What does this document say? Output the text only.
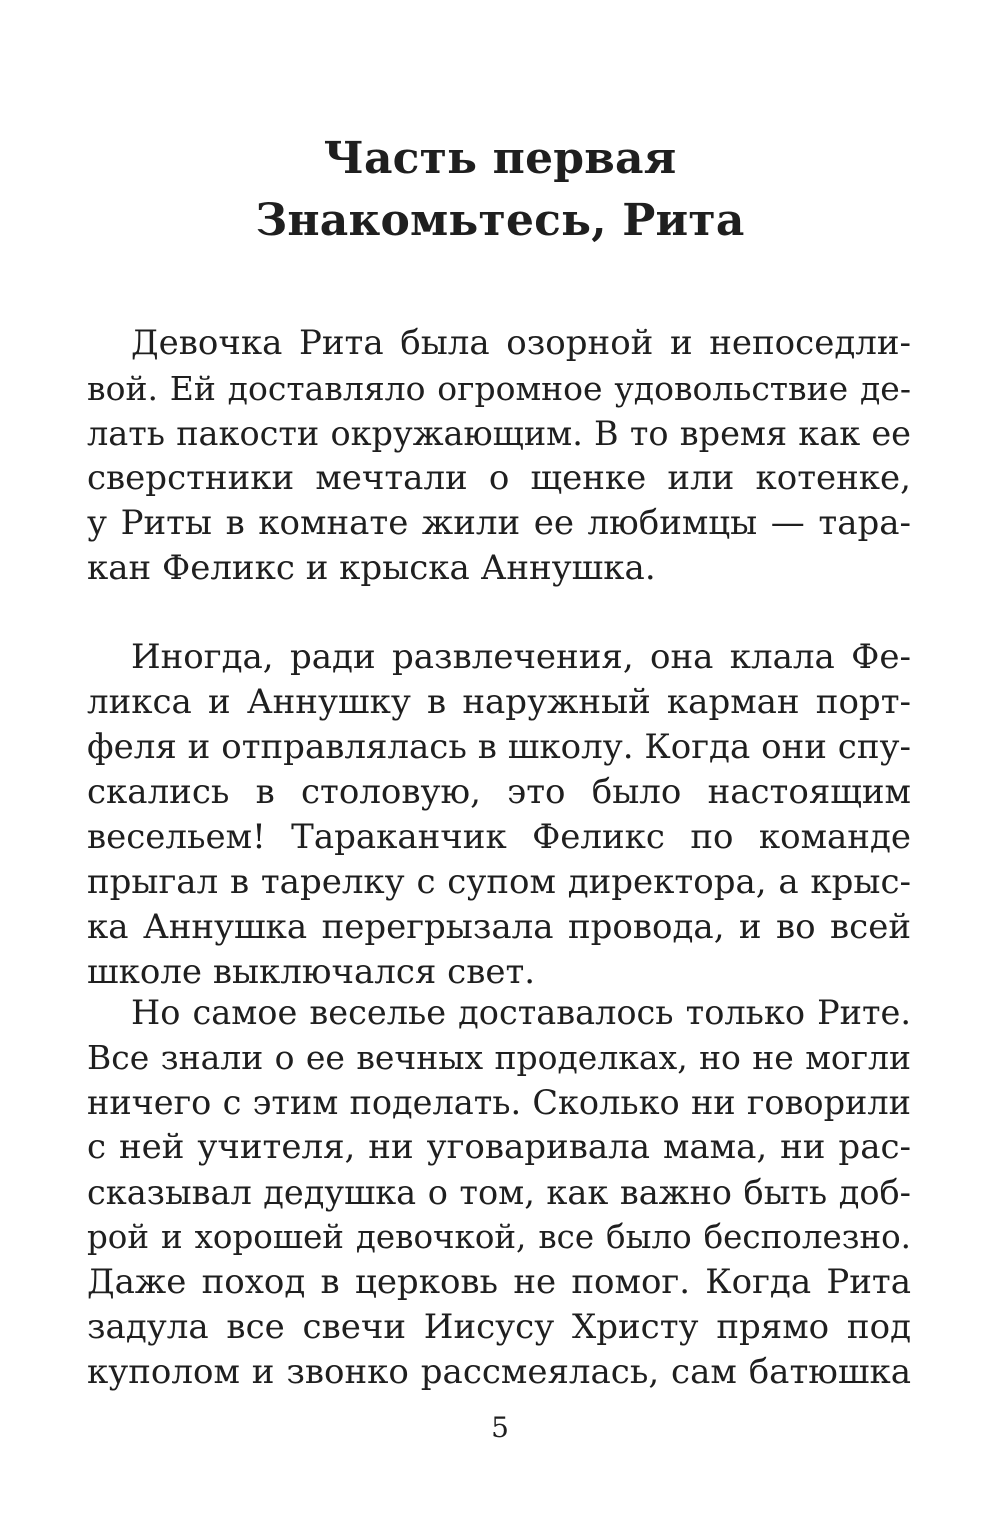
Часть первая
Знакомьтесь, Рита

Девочка Рита была озорной и непоседли-
вой. Ей доставляло огромное удовольствие де-
лать пакости окружающим. В то время как ее
сверстники мечтали о щенке или котенке,
у Риты в комнате жили ее любимцы — тара-
кан Феликс и крыска Аннушка.

Иногда, ради развлечения, она клала Фе-
ликса и Аннушку в наружный карман порт-
феля и отправлялась в школу. Когда они спу-
скались в столовую, это было настоящим
весельем! Тараканчик Феликс по команде
прыгал в тарелку с супом директора, а крыс-
ка Аннушка перегрызала провода, и во всей
школе выключался свет.

Но самое веселье доставалось только Рите.
Все знали о ее вечных проделках, но не могли
ничего с этим поделать. Сколько ни говорили
с ней учителя, ни уговаривала мама, ни рас-
сказывал дедушка о том, как важно быть доб-
рой и хорошей девочкой, все было бесполезно.
Даже поход в церковь не помог. Когда Рита
задула все свечи Иисусу Христу прямо под
куполом и звонко рассмеялась, сам батюшка

5
